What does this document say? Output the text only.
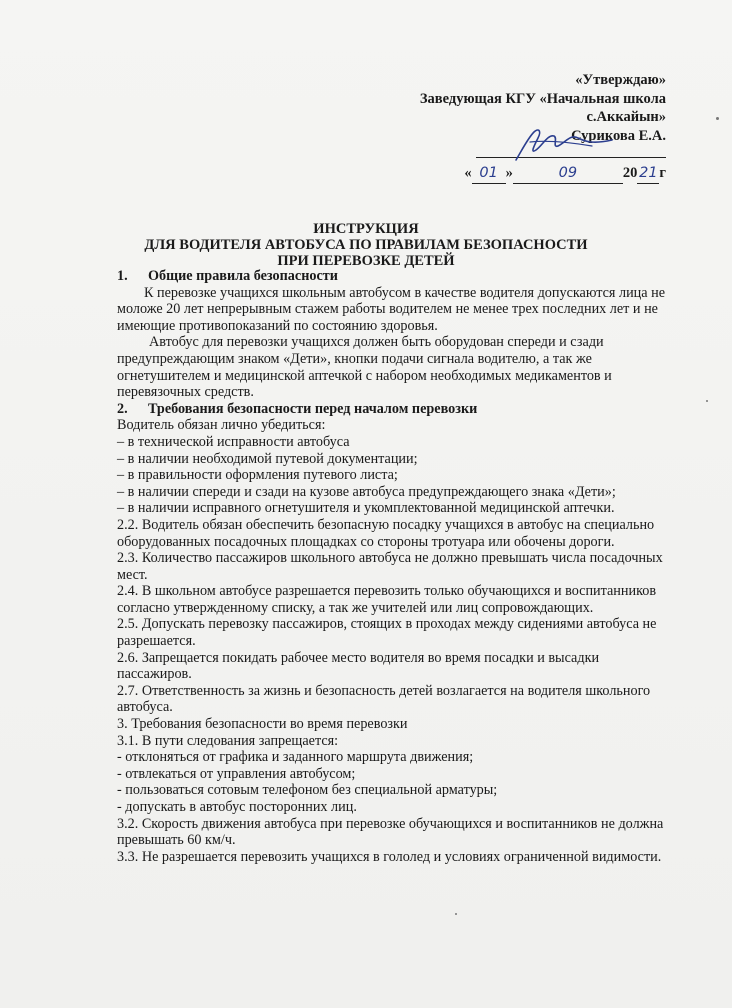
«Утверждаю»
Заведующая КГУ «Начальная школа
с.Аккайын»
Сурикова Е.А.
« 01 »	09	20 21 г
ИНСТРУКЦИЯ
ДЛЯ ВОДИТЕЛЯ АВТОБУСА ПО ПРАВИЛАМ БЕЗОПАСНОСТИ
ПРИ ПЕРЕВОЗКЕ ДЕТЕЙ

1. Общие правила безопасности

К перевозке учащихся школьным автобусом в качестве водителя допускаются лица не моложе 20 лет непрерывным стажем работы водителем не менее трех последних лет и не имеющие противопоказаний по состоянию здоровья.

Автобус для перевозки учащихся должен быть оборудован спереди и сзади предупреждающим знаком «Дети», кнопки подачи сигнала водителю, а так же огнетушителем и медицинской аптечкой с набором необходимых медикаментов и перевязочных средств.

2. Требования безопасности перед началом перевозки

Водитель обязан лично убедиться:

– в технической исправности автобуса

– в наличии необходимой путевой документации;

– в правильности оформления путевого листа;

– в наличии спереди и сзади на кузове автобуса предупреждающего знака «Дети»;

– в наличии исправного огнетушителя и укомплектованной медицинской аптечки.

2.2. Водитель обязан обеспечить безопасную посадку учащихся в автобус на специально оборудованных посадочных площадках со стороны тротуара или обочены дороги.

2.3. Количество пассажиров школьного автобуса не должно превышать числа посадочных мест.

2.4. В школьном автобусе разрешается перевозить только обучающихся и воспитанников согласно утвержденному списку, а так же учителей или лиц сопровождающих.

2.5. Допускать перевозку пассажиров, стоящих в проходах между сидениями автобуса не разрешается.

2.6. Запрещается покидать рабочее место водителя во время посадки и высадки пассажиров.

2.7. Ответственность за жизнь и безопасность детей возлагается на водителя школьного автобуса.

3. Требования безопасности во время перевозки

3.1. В пути следования запрещается:

- отклоняться от графика и заданного маршрута движения;

- отвлекаться от управления автобусом;

- пользоваться сотовым телефоном без специальной арматуры;

- допускать в автобус посторонних лиц.

3.2. Скорость движения автобуса при перевозке обучающихся и воспитанников не должна превышать 60 км/ч.

3.3. Не разрешается перевозить учащихся в гололед и условиях ограниченной видимости.
